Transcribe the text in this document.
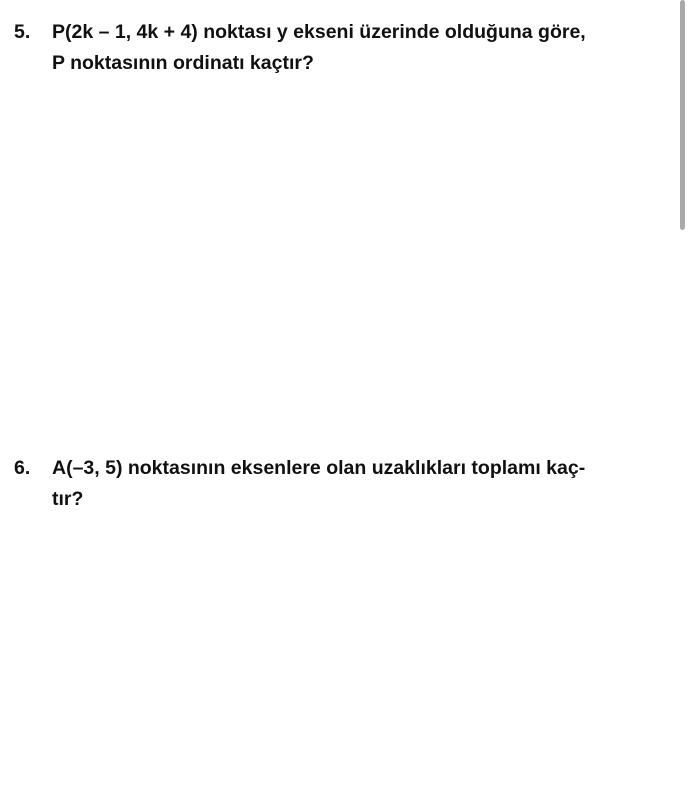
5. P(2k – 1, 4k + 4) noktası y ekseni üzerinde olduğuna göre,
P noktasının ordinatı kaçtır?
6. A(–3, 5) noktasının eksenlere olan uzaklıkları toplamı kaç-
tır?
